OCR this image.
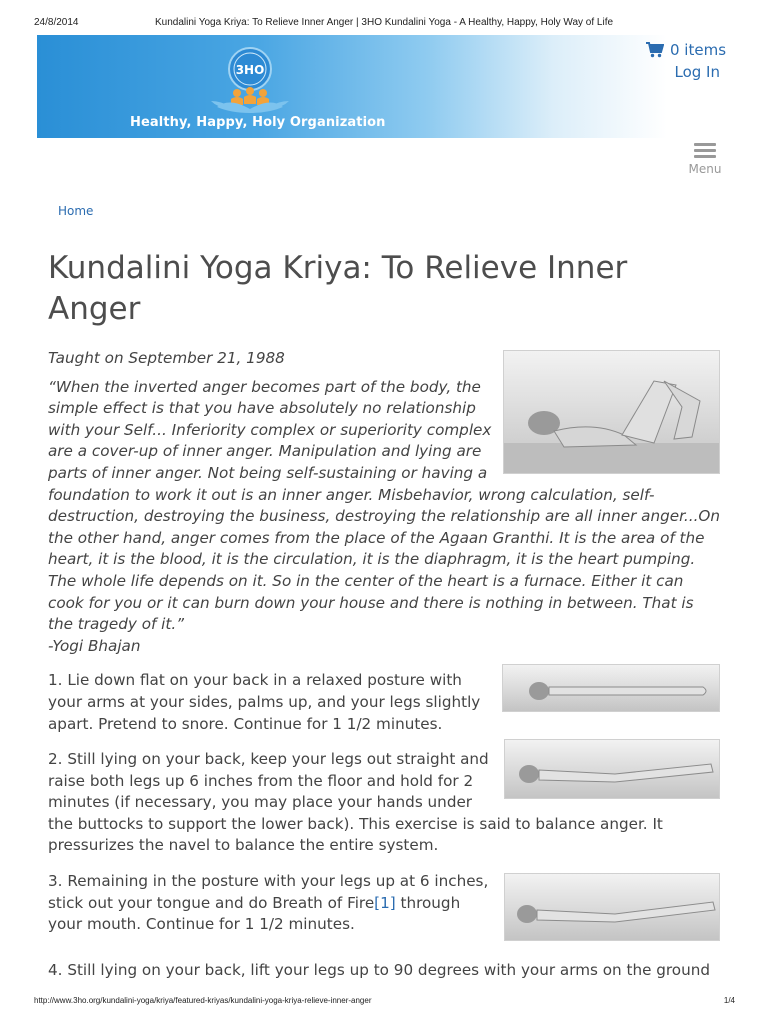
24/8/2014	Kundalini Yoga Kriya: To Relieve Inner Anger | 3HO Kundalini Yoga - A Healthy, Happy, Holy Way of Life
3HO
Healthy, Happy, Holy Organization
0 items
Log In
Menu
Home
Kundalini Yoga Kriya: To Relieve Inner Anger

Taught on September 21, 1988

“When the inverted anger becomes part of the body, the simple effect is that you have absolutely no relationship with your Self... Inferiority complex or superiority complex are a cover-up of inner anger. Manipulation and lying are parts of inner anger. Not being self-sustaining or having a foundation to work it out is an inner anger. Misbehavior, wrong calculation, self-destruction, destroying the business, destroying the relationship are all inner anger...On the other hand, anger comes from the place of the Agaan Granthi. It is the area of the heart, it is the blood, it is the circulation, it is the diaphragm, it is the heart pumping. The whole life depends on it. So in the center of the heart is a furnace. Either it can cook for you or it can burn down your house and there is nothing in between. That is the tragedy of it.”

-Yogi Bhajan

1. Lie down flat on your back in a relaxed posture with your arms at your sides, palms up, and your legs slightly apart. Pretend to snore. Continue for 1 1/2 minutes.

2. Still lying on your back, keep your legs out straight and raise both legs up 6 inches from the floor and hold for 2 minutes (if necessary, you may place your hands under the buttocks to support the lower back). This exercise is said to balance anger. It pressurizes the navel to balance the entire system.

3. Remaining in the posture with your legs up at 6 inches, stick out your tongue and do Breath of Fire[1] through your mouth. Continue for 1 1/2 minutes.

4. Still lying on your back, lift your legs up to 90 degrees with your arms on the ground

http://www.3ho.org/kundalini-yoga/kriya/featured-kriyas/kundalini-yoga-kriya-relieve-inner-anger	1/4
